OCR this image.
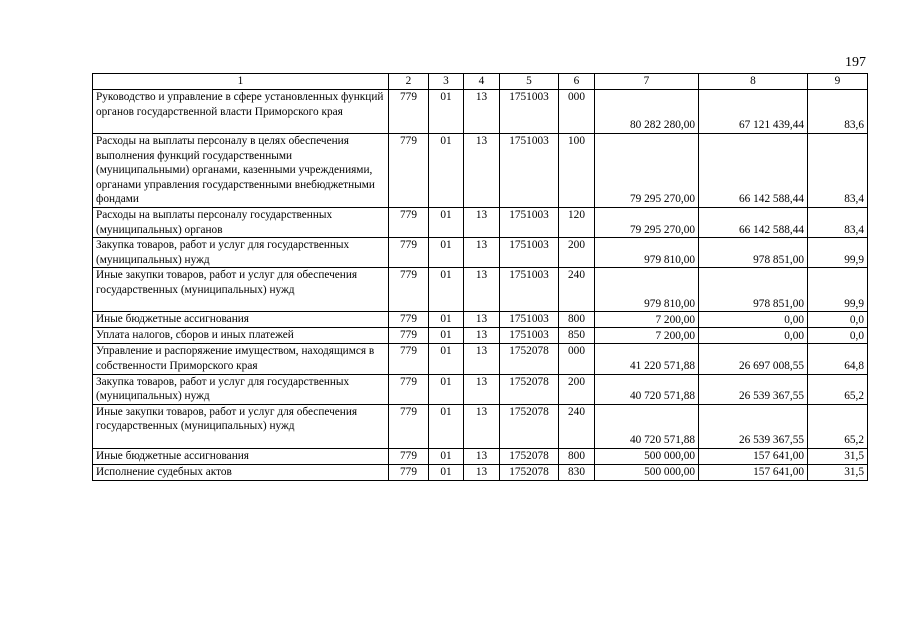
197
1	2	3	4	5	6	7	8	9
Руководство и управление в сфере установленных функций органов государственной власти Приморского края	779	01	13	1751003	000	80 282 280,00	67 121 439,44	83,6
Расходы на выплаты персоналу в целях обеспечения выполнения функций государственными (муниципальными) органами, казенными учреждениями, органами управления государственными внебюджетными фондами	779	01	13	1751003	100	79 295 270,00	66 142 588,44	83,4
Расходы на выплаты персоналу государственных (муниципальных) органов	779	01	13	1751003	120	79 295 270,00	66 142 588,44	83,4
Закупка товаров, работ и услуг для государственных (муниципальных) нужд	779	01	13	1751003	200	979 810,00	978 851,00	99,9
Иные закупки товаров, работ и услуг для обеспечения государственных (муниципальных) нужд	779	01	13	1751003	240	979 810,00	978 851,00	99,9
Иные бюджетные ассигнования	779	01	13	1751003	800	7 200,00	0,00	0,0
Уплата налогов, сборов и иных платежей	779	01	13	1751003	850	7 200,00	0,00	0,0
Управление и распоряжение имуществом, находящимся в собственности Приморского края	779	01	13	1752078	000	41 220 571,88	26 697 008,55	64,8
Закупка товаров, работ и услуг для государственных (муниципальных) нужд	779	01	13	1752078	200	40 720 571,88	26 539 367,55	65,2
Иные закупки товаров, работ и услуг для обеспечения государственных (муниципальных) нужд	779	01	13	1752078	240	40 720 571,88	26 539 367,55	65,2
Иные бюджетные ассигнования	779	01	13	1752078	800	500 000,00	157 641,00	31,5
Исполнение судебных актов	779	01	13	1752078	830	500 000,00	157 641,00	31,5
